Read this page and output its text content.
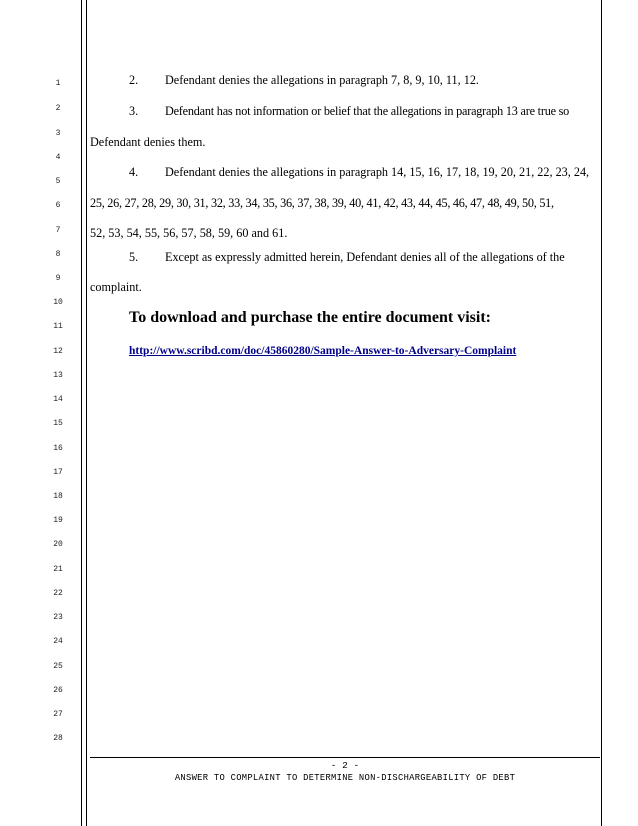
1
2
3
4
5
6
7
8
9
10
11
12
13
14
15
16
17
18
19
20
21
22
23
24
25
26
27
28
2. Defendant denies the allegations in paragraph 7, 8, 9, 10, 11, 12.
3. Defendant has not information or belief that the allegations in paragraph 13 are true so
Defendant denies them.
4. Defendant denies the allegations in paragraph 14, 15, 16, 17, 18, 19, 20, 21, 22, 23, 24,
25, 26, 27, 28, 29, 30, 31, 32, 33, 34, 35, 36, 37, 38, 39, 40, 41, 42, 43, 44, 45, 46, 47, 48, 49, 50, 51,
52, 53, 54, 55, 56, 57, 58, 59, 60 and 61.
5. Except as expressly admitted herein, Defendant denies all of the allegations of the
complaint.
To download and purchase the entire document visit:
http://www.scribd.com/doc/45860280/Sample-Answer-to-Adversary-Complaint
- 2 -
ANSWER TO COMPLAINT TO DETERMINE NON-DISCHARGEABILITY OF DEBT
